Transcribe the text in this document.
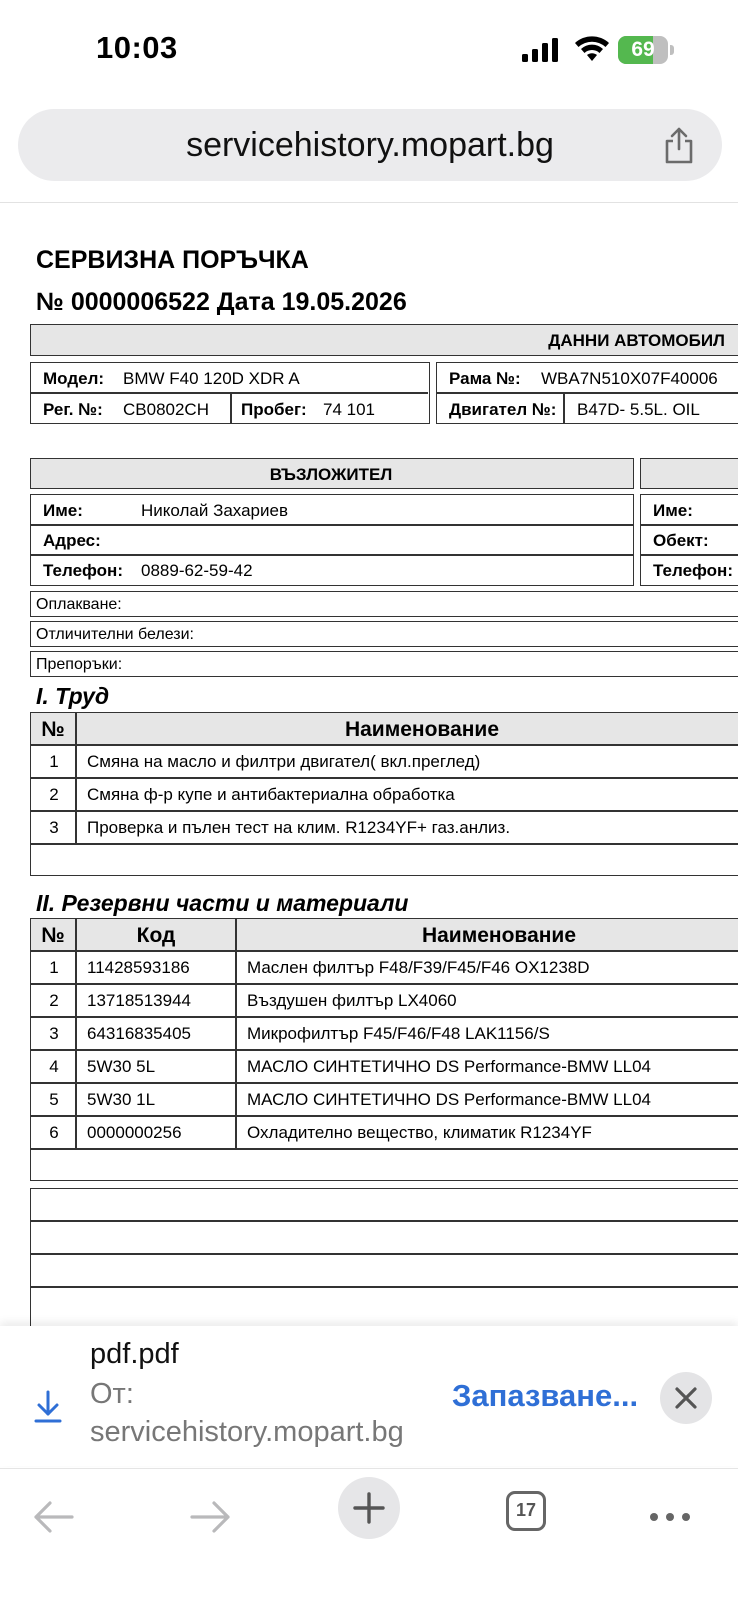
10:03	69
servicehistory.mopart.bg
СЕРВИЗНА ПОРЪЧКА
№ 0000006522 Дата 19.05.2026
ДАННИ АВТОМОБИЛ
Модел: BMW F40 120D XDR A
Рег. №: CB0802CH Пробег: 74 101
Рама №: WBA7N510X07F40006
Двигател №: B47D- 5.5L. OIL
ВЪЗЛОЖИТЕЛ
Име:	Николай Захариев
Адрес:
Телефон: 0889-62-59-42
Име:
Обект:
Телефон:
Оплакване:
Отличителни белези:
Препоръки:
I. Труд
№	Наименование
1	Смяна на масло и филтри двигател( вкл.преглед)
2	Смяна ф-р купе и антибактериална обработка
3	Проверка и пълен тест на клим. R1234YF+ газ.анлиз.
II. Резервни части и материали
№	Код	Наименование
1	11428593186	Маслен филтър F48/F39/F45/F46 OX1238D
2	13718513944	Въздушен филтър LX4060
3	64316835405	Микрофилтър F45/F46/F48 LAK1156/S
4	5W30 5L	МАСЛО СИНТЕТИЧНО DS Performance-BMW LL04
5	5W30 1L	МАСЛО СИНТЕТИЧНО DS Performance-BMW LL04
6	0000000256	Охладително вещество, климатик R1234YF
pdf.pdf
От:
servicehistory.mopart.bg
Запазване...
17
